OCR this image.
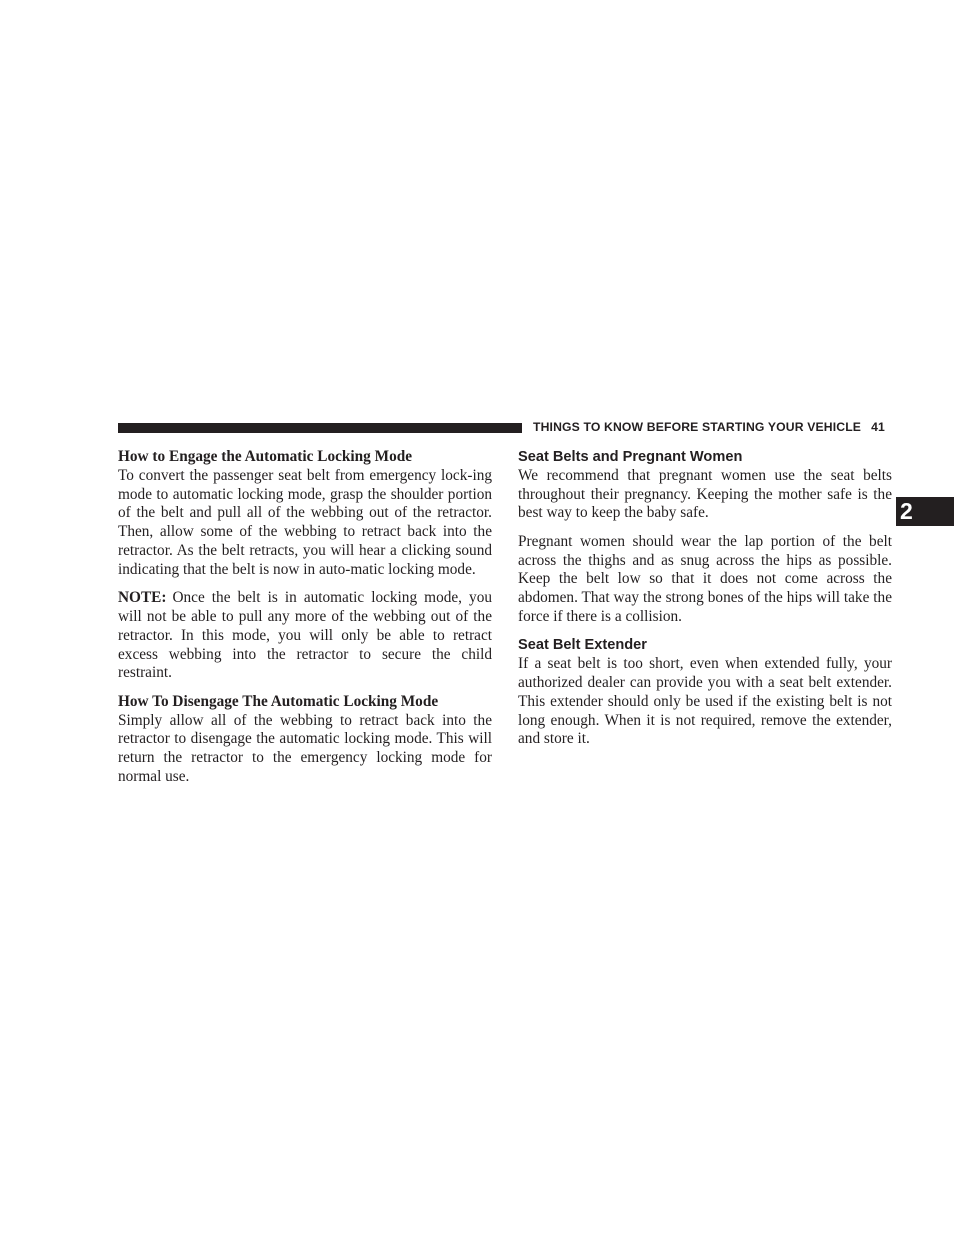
THINGS TO KNOW BEFORE STARTING YOUR VEHICLE 41
2
How to Engage the Automatic Locking Mode

To convert the passenger seat belt from emergency lock-ing mode to automatic locking mode, grasp the shoulder portion of the belt and pull all of the webbing out of the retractor. Then, allow some of the webbing to retract back into the retractor. As the belt retracts, you will hear a clicking sound indicating that the belt is now in auto-matic locking mode.

NOTE: Once the belt is in automatic locking mode, you will not be able to pull any more of the webbing out of the retractor. In this mode, you will only be able to retract excess webbing into the retractor to secure the child restraint.

How To Disengage The Automatic Locking Mode

Simply allow all of the webbing to retract back into the retractor to disengage the automatic locking mode. This will return the retractor to the emergency locking mode for normal use.

Seat Belts and Pregnant Women

We recommend that pregnant women use the seat belts throughout their pregnancy. Keeping the mother safe is the best way to keep the baby safe.

Pregnant women should wear the lap portion of the belt across the thighs and as snug across the hips as possible. Keep the belt low so that it does not come across the abdomen. That way the strong bones of the hips will take the force if there is a collision.

Seat Belt Extender

If a seat belt is too short, even when extended fully, your authorized dealer can provide you with a seat belt extender. This extender should only be used if the existing belt is not long enough. When it is not required, remove the extender, and store it.
